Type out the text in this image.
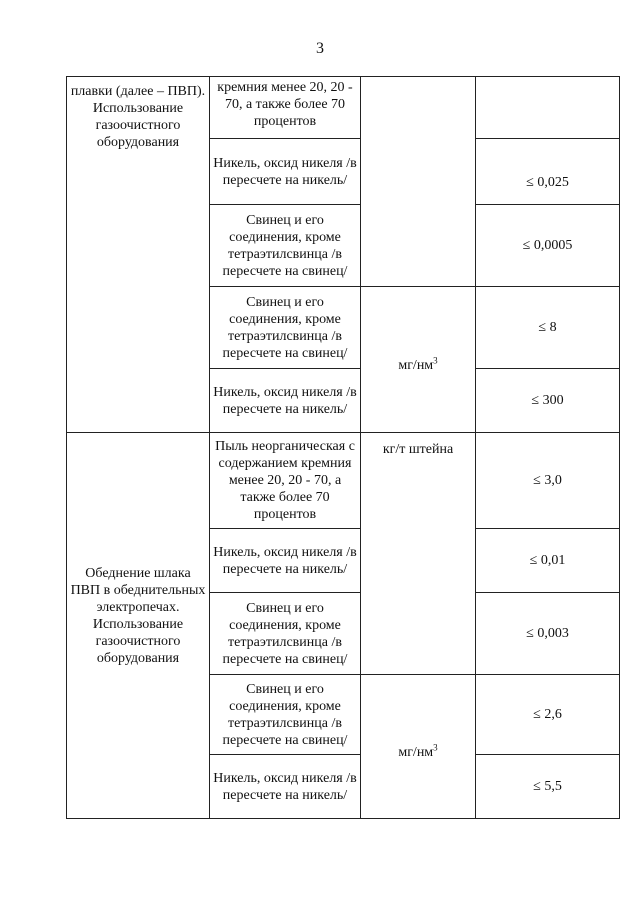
3
плавки (далее – ПВП). Использование газоочистного оборудования	кремния менее 20, 20 - 70, а также более 70 процентов		
	Никель, оксид никеля /в пересчете на никель/		≤ 0,025
	Свинец и его соединения, кроме тетраэтилсвинца /в пересчете на свинец/		≤ 0,0005
	Свинец и его соединения, кроме тетраэтилсвинца /в пересчете на свинец/	$мг/нм^3$	≤ 8
	Никель, оксид никеля /в пересчете на никель/		≤ 300
Обеднение шлака ПВП в обеднительных электропечах. Использование газоочистного оборудования	Пыль неорганическая с содержанием кремния менее 20, 20 - 70, а также более 70 процентов	кг/т штейна	≤ 3,0
	Никель, оксид никеля /в пересчете на никель/		≤ 0,01
	Свинец и его соединения, кроме тетраэтилсвинца /в пересчете на свинец/		≤ 0,003
	Свинец и его соединения, кроме тетраэтилсвинца /в пересчете на свинец/	$мг/нм^3$	≤ 2,6
	Никель, оксид никеля /в пересчете на никель/		≤ 5,5
